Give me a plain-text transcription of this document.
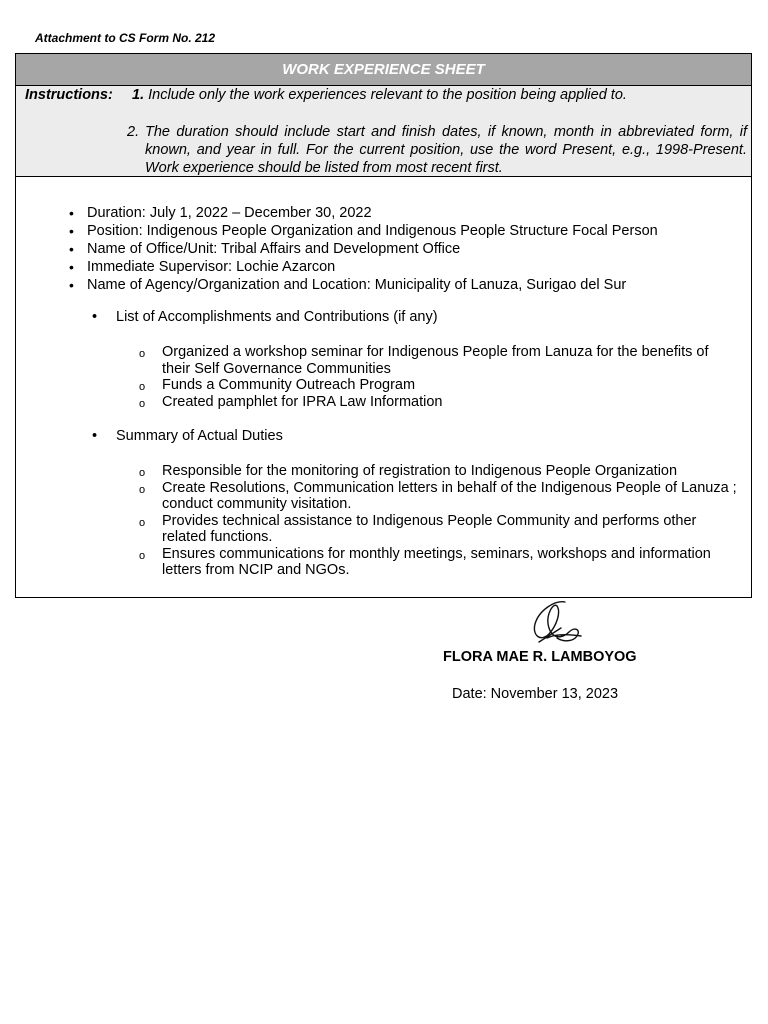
Attachment to CS Form No. 212
WORK EXPERIENCE SHEET
Instructions: 1. Include only the work experiences relevant to the position being applied to.
2. The duration should include start and finish dates, if known, month in abbreviated form, if known, and year in full. For the current position, use the word Present, e.g., 1998-Present. Work experience should be listed from most recent first.
• Duration: July 1, 2022 – December 30, 2022
• Position: Indigenous People Organization and Indigenous People Structure Focal Person
• Name of Office/Unit: Tribal Affairs and Development Office
• Immediate Supervisor: Lochie Azarcon
• Name of Agency/Organization and Location: Municipality of Lanuza, Surigao del Sur
• List of Accomplishments and Contributions (if any)
o Organized a workshop seminar for Indigenous People from Lanuza for the benefits of their Self Governance Communities
o Funds a Community Outreach Program
o Created pamphlet for IPRA Law Information
• Summary of Actual Duties
o Responsible for the monitoring of registration to Indigenous People Organization
o Create Resolutions, Communication letters in behalf of the Indigenous People of Lanuza ; conduct community visitation.
o Provides technical assistance to Indigenous People Community and performs other related functions.
o Ensures communications for monthly meetings, seminars, workshops and information letters from NCIP and NGOs.
FLORA MAE R. LAMBOYOG
Date: November 13, 2023
